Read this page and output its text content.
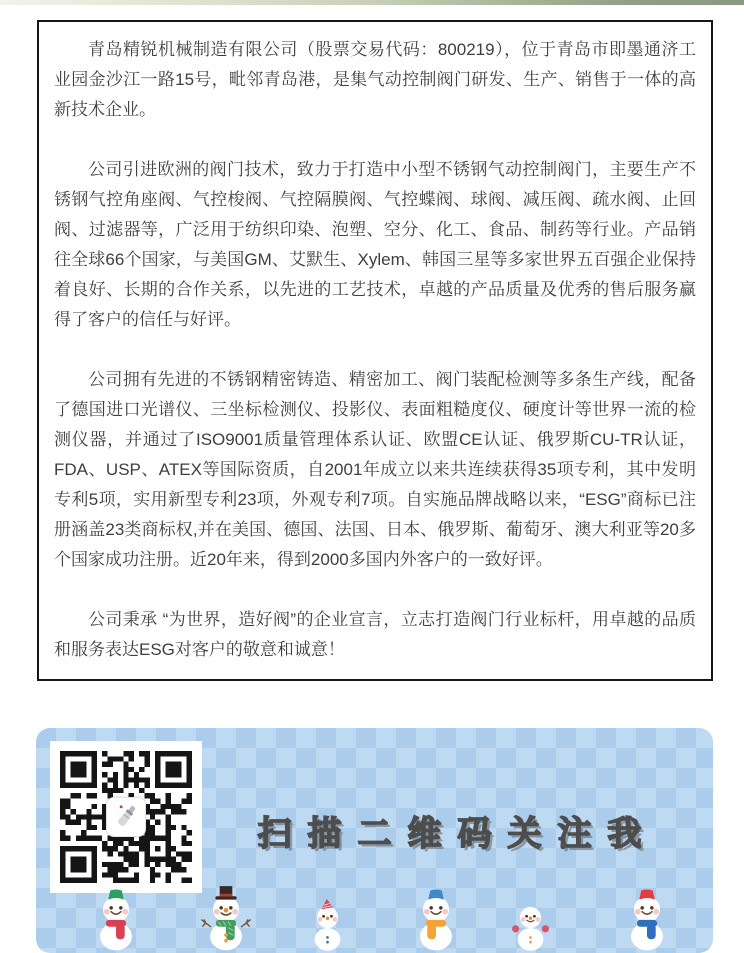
青岛精锐机械制造有限公司（股票交易代码：800219），位于青岛市即墨通济工业园金沙江一路15号，毗邻青岛港，是集气动控制阀门研发、生产、销售于一体的高新技术企业。

公司引进欧洲的阀门技术，致力于打造中小型不锈钢气动控制阀门，主要生产不锈钢气控角座阀、气控梭阀、气控隔膜阀、气控蝶阀、球阀、减压阀、疏水阀、止回阀、过滤器等，广泛用于纺织印染、泡塑、空分、化工、食品、制药等行业。产品销往全球66个国家，与美国GM、艾默生、Xylem、韩国三星等多家世界五百强企业保持着良好、长期的合作关系，以先进的工艺技术，卓越的产品质量及优秀的售后服务赢得了客户的信任与好评。

公司拥有先进的不锈钢精密铸造、精密加工、阀门装配检测等多条生产线，配备了德国进口光谱仪、三坐标检测仪、投影仪、表面粗糙度仪、硬度计等世界一流的检测仪器，并通过了ISO9001质量管理体系认证、欧盟CE认证、俄罗斯CU-TR认证，FDA、USP、ATEX等国际资质，自2001年成立以来共连续获得35项专利，其中发明专利5项，实用新型专利23项，外观专利7项。自实施品牌战略以来，“ESG”商标已注册涵盖23类商标权,并在美国、德国、法国、日本、俄罗斯、葡萄牙、澳大利亚等20多个国家成功注册。近20年来，得到2000多国内外客户的一致好评。

公司秉承 “为世界，造好阀”的企业宣言，立志打造阀门行业标杆，用卓越的品质和服务表达ESG对客户的敬意和诚意！

扫描二维码关注我
